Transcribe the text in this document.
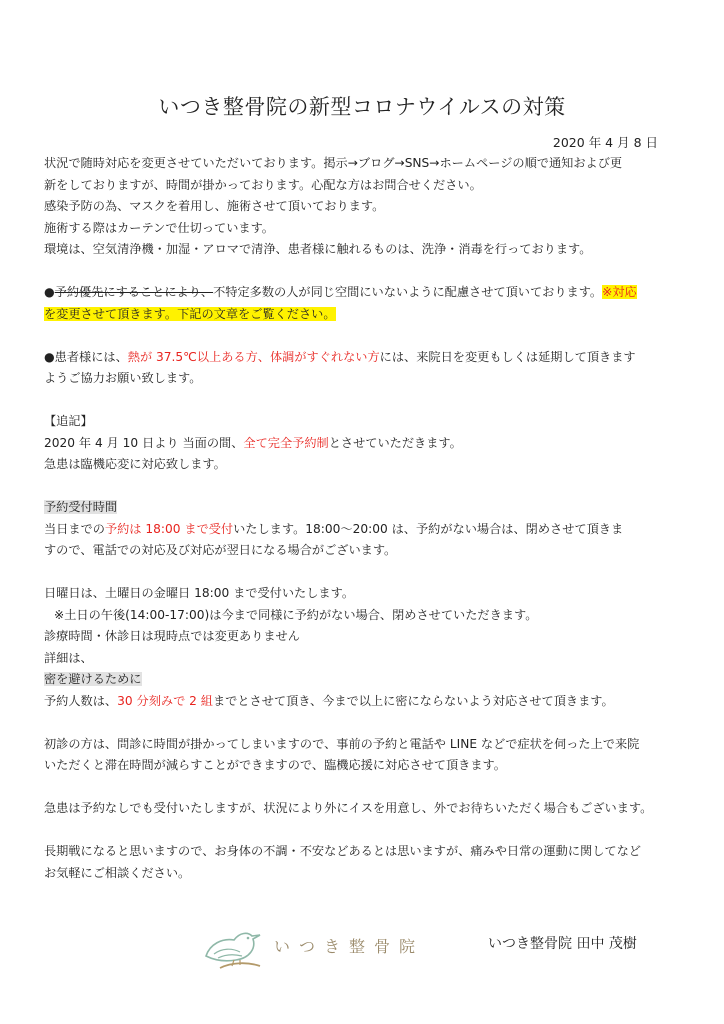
いつき整骨院の新型コロナウイルスの対策
2020 年 4 月 8 日

状況で随時対応を変更させていただいております。掲示→ブログ→SNS→ホームページの順で通知および更

新をしておりますが、時間が掛かっております。心配な方はお問合せください。

感染予防の為、マスクを着用し、施術させて頂いております。

施術する際はカーテンで仕切っています。

環境は、空気清浄機・加湿・アロマで清浄、患者様に触れるものは、洗浄・消毒を行っております。

●予約優先にすることにより、不特定多数の人が同じ空間にいないように配慮させて頂いております。※対応

を変更させて頂きます。下記の文章をご覧ください。

●患者様には、熱が 37.5℃以上ある方、体調がすぐれない方には、来院日を変更もしくは延期して頂きます

ようご協力お願い致します。

【追記】

2020 年 4 月 10 日より 当面の間、全て完全予約制とさせていただきます。

急患は臨機応変に対応致します。

予約受付時間

当日までの予約は 18:00 まで受付いたします。18:00～20:00 は、予約がない場合は、閉めさせて頂きま

すので、電話での対応及び対応が翌日になる場合がございます。

日曜日は、土曜日の金曜日 18:00 まで受付いたします。

※土日の午後(14:00-17:00)は今まで同様に予約がない場合、閉めさせていただきます。

診療時間・休診日は現時点では変更ありません

詳細は、

密を避けるために

予約人数は、30 分刻みで 2 組までとさせて頂き、今まで以上に密にならないよう対応させて頂きます。

初診の方は、問診に時間が掛かってしまいますので、事前の予約と電話や LINE などで症状を伺った上で来院

いただくと滞在時間が減らすことができますので、臨機応援に対応させて頂きます。

急患は予約なしでも受付いたしますが、状況により外にイスを用意し、外でお待ちいただく場合もございます。

長期戦になると思いますので、お身体の不調・不安などあるとは思いますが、痛みや日常の運動に関してなど

お気軽にご相談ください。

いつき整骨院	いつき整骨院 田中 茂樹
